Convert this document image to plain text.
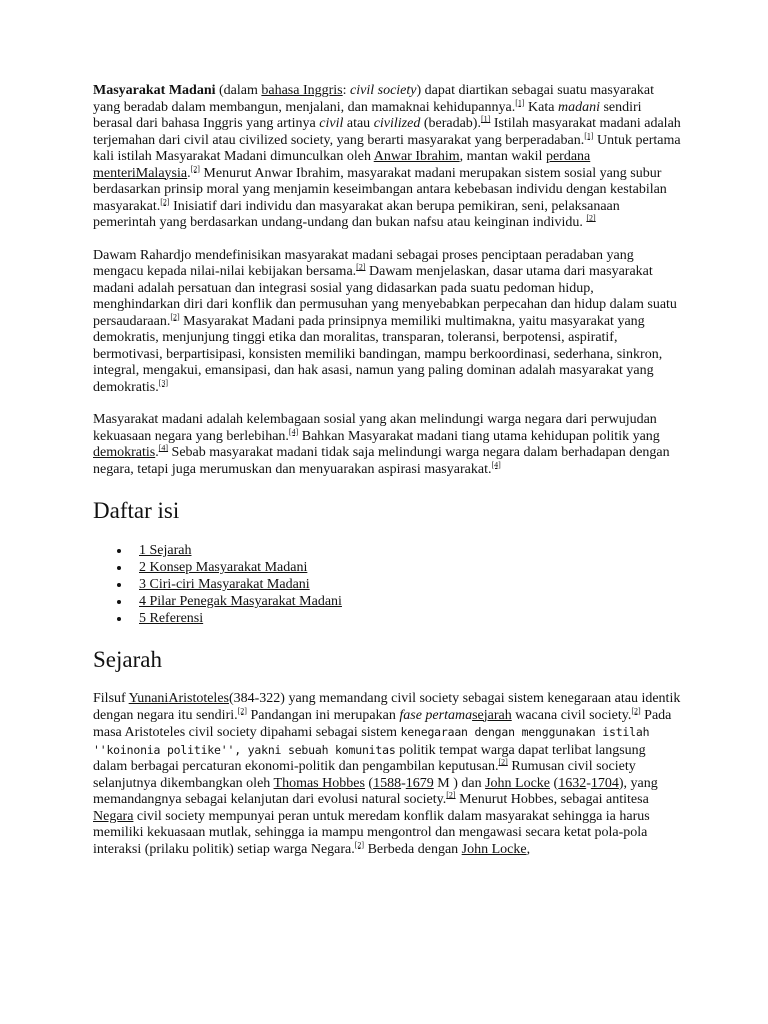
Masyarakat Madani (dalam bahasa Inggris: civil society) dapat diartikan sebagai suatu masyarakat yang beradab dalam membangun, menjalani, dan mamaknai kehidupannya.[1] Kata madani sendiri berasal dari bahasa Inggris yang artinya civil atau civilized (beradab).[1] Istilah masyarakat madani adalah terjemahan dari civil atau civilized society, yang berarti masyarakat yang berperadaban.[1] Untuk pertama kali istilah Masyarakat Madani dimunculkan oleh Anwar Ibrahim, mantan wakil perdana menteriMalaysia.[2] Menurut Anwar Ibrahim, masyarakat madani merupakan sistem sosial yang subur berdasarkan prinsip moral yang menjamin keseimbangan antara kebebasan individu dengan kestabilan masyarakat.[2] Inisiatif dari individu dan masyarakat akan berupa pemikiran, seni, pelaksanaan pemerintah yang berdasarkan undang-undang dan bukan nafsu atau keinginan individu. [2]

Dawam Rahardjo mendefinisikan masyarakat madani sebagai proses penciptaan peradaban yang mengacu kepada nilai-nilai kebijakan bersama.[2] Dawam menjelaskan, dasar utama dari masyarakat madani adalah persatuan dan integrasi sosial yang didasarkan pada suatu pedoman hidup, menghindarkan diri dari konflik dan permusuhan yang menyebabkan perpecahan dan hidup dalam suatu persaudaraan.[2] Masyarakat Madani pada prinsipnya memiliki multimakna, yaitu masyarakat yang demokratis, menjunjung tinggi etika dan moralitas, transparan, toleransi, berpotensi, aspiratif, bermotivasi, berpartisipasi, konsisten memiliki bandingan, mampu berkoordinasi, sederhana, sinkron, integral, mengakui, emansipasi, dan hak asasi, namun yang paling dominan adalah masyarakat yang demokratis.[3]

Masyarakat madani adalah kelembagaan sosial yang akan melindungi warga negara dari perwujudan kekuasaan negara yang berlebihan.[4] Bahkan Masyarakat madani tiang utama kehidupan politik yang demokratis.[4] Sebab masyarakat madani tidak saja melindungi warga negara dalam berhadapan dengan negara, tetapi juga merumuskan dan menyuarakan aspirasi masyarakat.[4]

Daftar isi
1 Sejarah
2 Konsep Masyarakat Madani
3 Ciri-ciri Masyarakat Madani
4 Pilar Penegak Masyarakat Madani
5 Referensi
Sejarah

Filsuf YunaniAristoteles(384-322) yang memandang civil society sebagai sistem kenegaraan atau identik dengan negara itu sendiri.[2] Pandangan ini merupakan fase pertamasejarah wacana civil society.[2] Pada masa Aristoteles civil society dipahami sebagai sistem kenegaraan dengan menggunakan istilah ''koinonia politike'', yakni sebuah komunitas politik tempat warga dapat terlibat langsung dalam berbagai percaturan ekonomi-politik dan pengambilan keputusan.[2] Rumusan civil society selanjutnya dikembangkan oleh Thomas Hobbes (1588-1679 M ) dan John Locke (1632-1704), yang memandangnya sebagai kelanjutan dari evolusi natural society.[2] Menurut Hobbes, sebagai antitesa Negara civil society mempunyai peran untuk meredam konflik dalam masyarakat sehingga ia harus memiliki kekuasaan mutlak, sehingga ia mampu mengontrol dan mengawasi secara ketat pola-pola interaksi (prilaku politik) setiap warga Negara.[2] Berbeda dengan John Locke,
